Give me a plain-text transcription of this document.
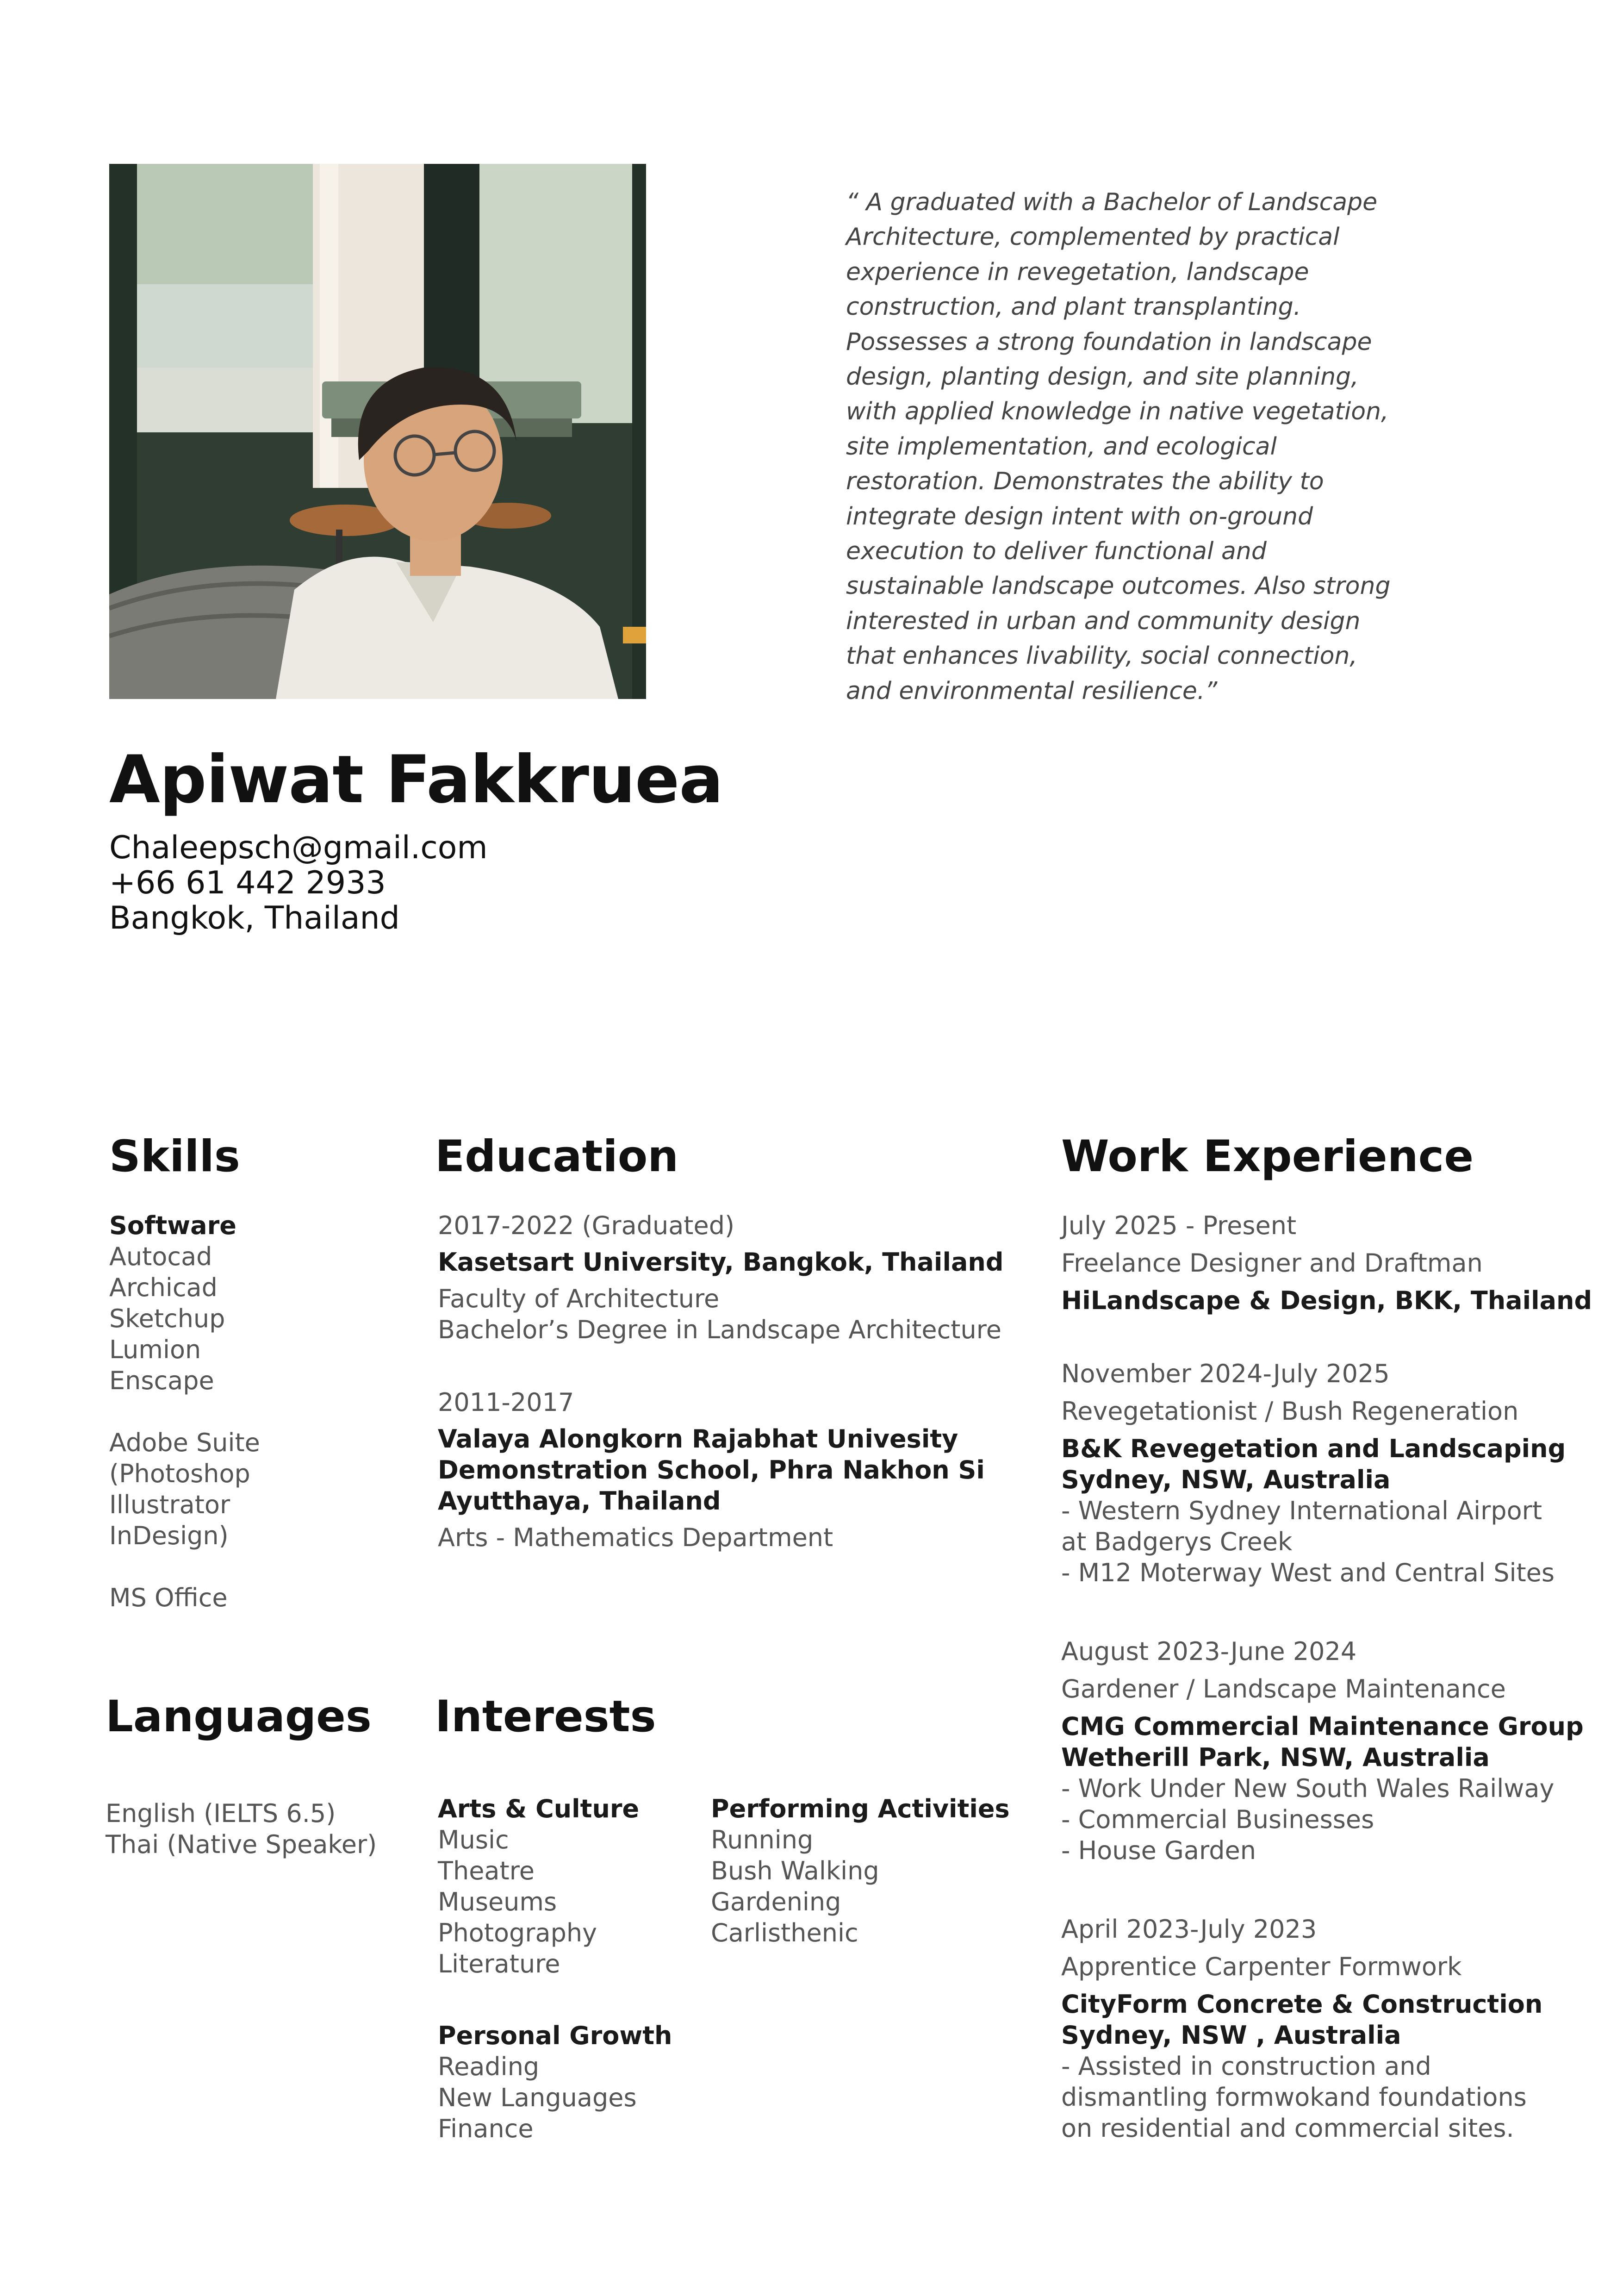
“ A graduated with a Bachelor of Landscape Architecture, complemented by practical experience in revegetation, landscape construction, and plant transplanting. Possesses a strong foundation in landscape design, planting design, and site planning, with applied knowledge in native vegetation, site implementation, and ecological restoration. Demonstrates the ability to integrate design intent with on-ground execution to deliver functional and sustainable landscape outcomes. Also strong interested in urban and community design that enhances livability, social connection, and environmental resilience.”

Apiwat Fakkruea
Chaleepsch@gmail.com
+66 61 442 2933
Bangkok, Thailand
Skills
Software
Autocad
Archicad
Sketchup
Lumion
Enscape
Adobe Suite
(Photoshop
Illustrator
InDesign)
MS Office
Education
2017-2022 (Graduated)
Kasetsart University, Bangkok, Thailand
Faculty of Architecture
Bachelor’s Degree in Landscape Architecture
2011-2017
Valaya Alongkorn Rajabhat Univesity
Demonstration School, Phra Nakhon Si
Ayutthaya, Thailand
Arts - Mathematics Department
Work Experience
July 2025 - Present
Freelance Designer and Draftman
HiLandscape & Design, BKK, Thailand
November 2024-July 2025
Revegetationist / Bush Regeneration
B&K Revegetation and Landscaping
Sydney, NSW, Australia
- Western Sydney International Airport
at Badgerys Creek
- M12 Moterway West and Central Sites
August 2023-June 2024
Gardener / Landscape Maintenance
CMG Commercial Maintenance Group
Wetherill Park, NSW, Australia
- Work Under New South Wales Railway
- Commercial Businesses
- House Garden
April 2023-July 2023
Apprentice Carpenter Formwork
CityForm Concrete & Construction
Sydney, NSW , Australia
- Assisted in construction and
dismantling formwokand foundations
on residential and commercial sites.
Languages
English (IELTS 6.5)
Thai (Native Speaker)
Interests
Arts & Culture
Music
Theatre
Museums
Photography
Literature
Personal Growth
Reading
New Languages
Finance
Performing Activities
Running
Bush Walking
Gardening
Carlisthenic
